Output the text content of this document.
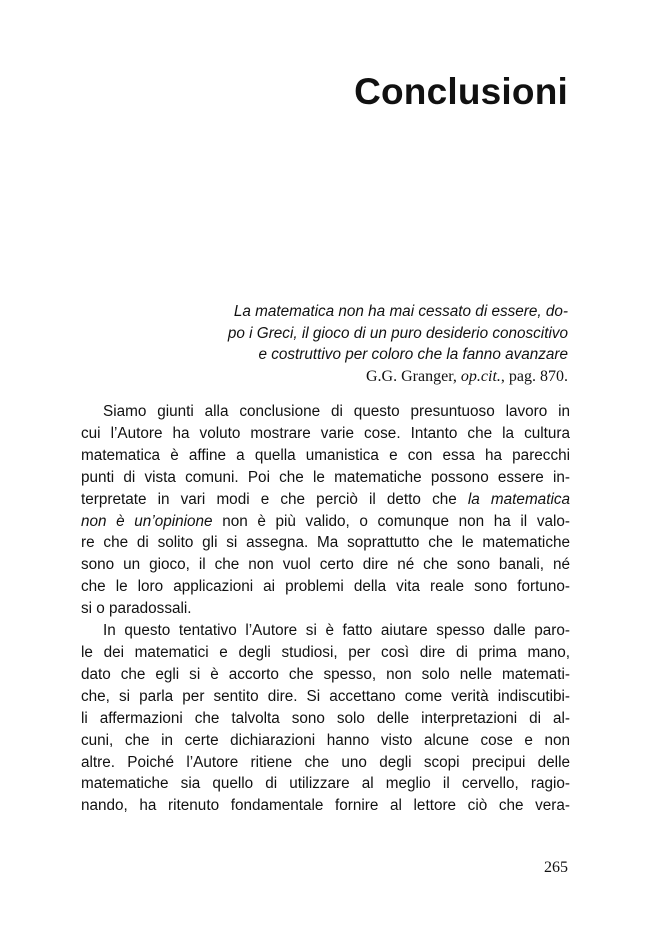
Conclusioni
La matematica non ha mai cessato di essere, do-
po i Greci, il gioco di un puro desiderio conoscitivo
e costruttivo per coloro che la fanno avanzare
G.G. Granger, op.cit., pag. 870.
Siamo giunti alla conclusione di questo presuntuoso lavoro in
cui l’Autore ha voluto mostrare varie cose. Intanto che la cultura
matematica è affine a quella umanistica e con essa ha parecchi
punti di vista comuni. Poi che le matematiche possono essere in-
terpretate in vari modi e che perciò il detto che la matematica
non è un’opinione non è più valido, o comunque non ha il valo-
re che di solito gli si assegna. Ma soprattutto che le matematiche
sono un gioco, il che non vuol certo dire né che sono banali, né
che le loro applicazioni ai problemi della vita reale sono fortuno-
si o paradossali.
In questo tentativo l’Autore si è fatto aiutare spesso dalle paro-
le dei matematici e degli studiosi, per così dire di prima mano,
dato che egli si è accorto che spesso, non solo nelle matemati-
che, si parla per sentito dire. Si accettano come verità indiscutibi-
li affermazioni che talvolta sono solo delle interpretazioni di al-
cuni, che in certe dichiarazioni hanno visto alcune cose e non
altre. Poiché l’Autore ritiene che uno degli scopi precipui delle
matematiche sia quello di utilizzare al meglio il cervello, ragio-
nando, ha ritenuto fondamentale fornire al lettore ciò che vera-
265
